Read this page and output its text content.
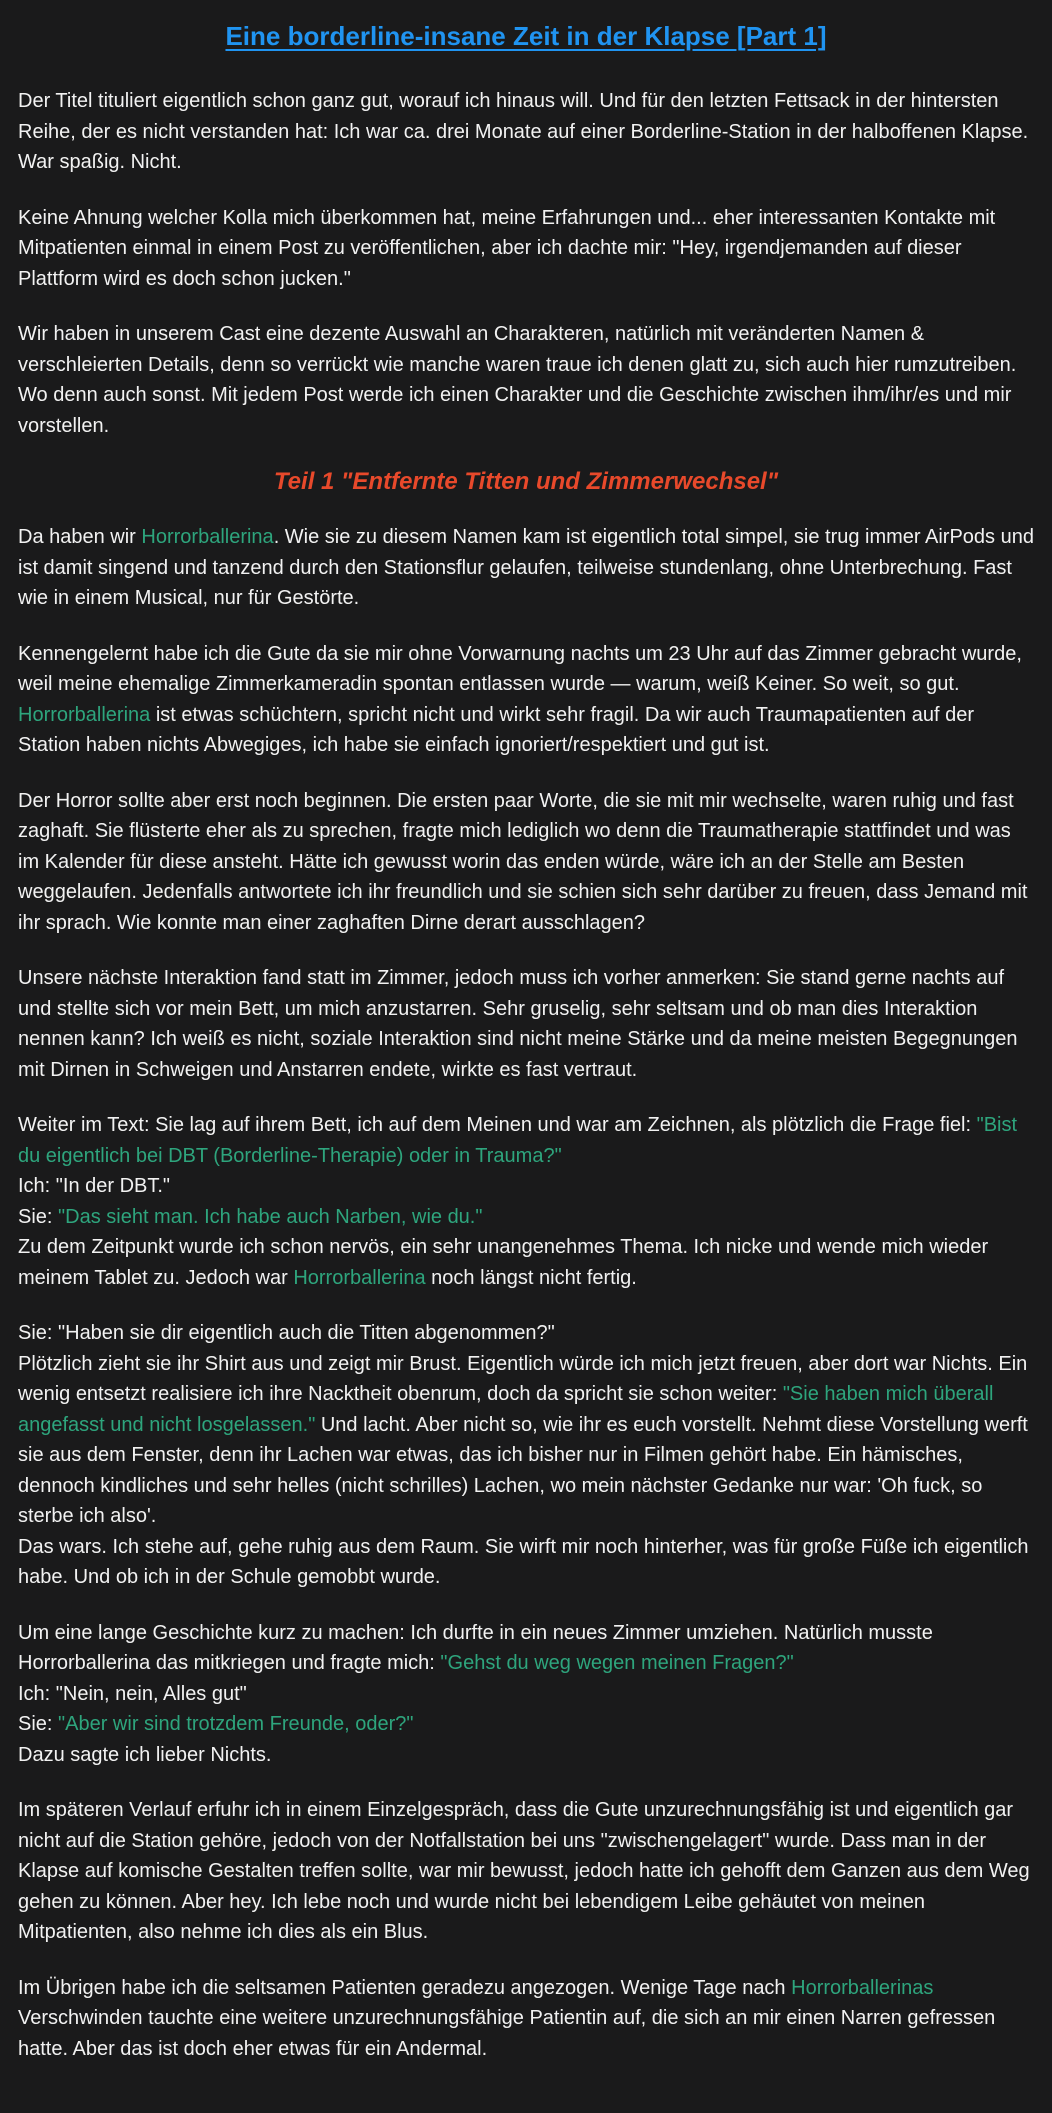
Eine borderline-insane Zeit in der Klapse [Part 1]

Der Titel tituliert eigentlich schon ganz gut, worauf ich hinaus will. Und für den letzten Fettsack in der hintersten Reihe, der es nicht verstanden hat: Ich war ca. drei Monate auf einer Borderline-Station in der halboffenen Klapse. War spaßig. Nicht.

Keine Ahnung welcher Kolla mich überkommen hat, meine Erfahrungen und... eher interessanten Kontakte mit Mitpatienten einmal in einem Post zu veröffentlichen, aber ich dachte mir: "Hey, irgendjemanden auf dieser Plattform wird es doch schon jucken."

Wir haben in unserem Cast eine dezente Auswahl an Charakteren, natürlich mit veränderten Namen & verschleierten Details, denn so verrückt wie manche waren traue ich denen glatt zu, sich auch hier rumzutreiben. Wo denn auch sonst. Mit jedem Post werde ich einen Charakter und die Geschichte zwischen ihm/ihr/es und mir vorstellen.

Teil 1 "Entfernte Titten und Zimmerwechsel"

Da haben wir Horrorballerina. Wie sie zu diesem Namen kam ist eigentlich total simpel, sie trug immer AirPods und ist damit singend und tanzend durch den Stationsflur gelaufen, teilweise stundenlang, ohne Unterbrechung. Fast wie in einem Musical, nur für Gestörte.

Kennengelernt habe ich die Gute da sie mir ohne Vorwarnung nachts um 23 Uhr auf das Zimmer gebracht wurde, weil meine ehemalige Zimmerkameradin spontan entlassen wurde — warum, weiß Keiner. So weit, so gut. Horrorballerina ist etwas schüchtern, spricht nicht und wirkt sehr fragil. Da wir auch Traumapatienten auf der Station haben nichts Abwegiges, ich habe sie einfach ignoriert/respektiert und gut ist.

Der Horror sollte aber erst noch beginnen. Die ersten paar Worte, die sie mit mir wechselte, waren ruhig und fast zaghaft. Sie flüsterte eher als zu sprechen, fragte mich lediglich wo denn die Traumatherapie stattfindet und was im Kalender für diese ansteht. Hätte ich gewusst worin das enden würde, wäre ich an der Stelle am Besten weggelaufen. Jedenfalls antwortete ich ihr freundlich und sie schien sich sehr darüber zu freuen, dass Jemand mit ihr sprach. Wie konnte man einer zaghaften Dirne derart ausschlagen?

Unsere nächste Interaktion fand statt im Zimmer, jedoch muss ich vorher anmerken: Sie stand gerne nachts auf und stellte sich vor mein Bett, um mich anzustarren. Sehr gruselig, sehr seltsam und ob man dies Interaktion nennen kann? Ich weiß es nicht, soziale Interaktion sind nicht meine Stärke und da meine meisten Begegnungen mit Dirnen in Schweigen und Anstarren endete, wirkte es fast vertraut.

Weiter im Text: Sie lag auf ihrem Bett, ich auf dem Meinen und war am Zeichnen, als plötzlich die Frage fiel: "Bist du eigentlich bei DBT (Borderline-Therapie) oder in Trauma?"
Ich: "In der DBT."
Sie: "Das sieht man. Ich habe auch Narben, wie du."
Zu dem Zeitpunkt wurde ich schon nervös, ein sehr unangenehmes Thema. Ich nicke und wende mich wieder meinem Tablet zu. Jedoch war Horrorballerina noch längst nicht fertig.

Sie: "Haben sie dir eigentlich auch die Titten abgenommen?"
Plötzlich zieht sie ihr Shirt aus und zeigt mir Brust. Eigentlich würde ich mich jetzt freuen, aber dort war Nichts. Ein wenig entsetzt realisiere ich ihre Nacktheit obenrum, doch da spricht sie schon weiter: "Sie haben mich überall angefasst und nicht losgelassen." Und lacht. Aber nicht so, wie ihr es euch vorstellt. Nehmt diese Vorstellung werft sie aus dem Fenster, denn ihr Lachen war etwas, das ich bisher nur in Filmen gehört habe. Ein hämisches, dennoch kindliches und sehr helles (nicht schrilles) Lachen, wo mein nächster Gedanke nur war: 'Oh fuck, so sterbe ich also'.
Das wars. Ich stehe auf, gehe ruhig aus dem Raum. Sie wirft mir noch hinterher, was für große Füße ich eigentlich habe. Und ob ich in der Schule gemobbt wurde.

Um eine lange Geschichte kurz zu machen: Ich durfte in ein neues Zimmer umziehen. Natürlich musste Horrorballerina das mitkriegen und fragte mich: "Gehst du weg wegen meinen Fragen?"
Ich: "Nein, nein, Alles gut"
Sie: "Aber wir sind trotzdem Freunde, oder?"
Dazu sagte ich lieber Nichts.

Im späteren Verlauf erfuhr ich in einem Einzelgespräch, dass die Gute unzurechnungsfähig ist und eigentlich gar nicht auf die Station gehöre, jedoch von der Notfallstation bei uns "zwischengelagert" wurde. Dass man in der Klapse auf komische Gestalten treffen sollte, war mir bewusst, jedoch hatte ich gehofft dem Ganzen aus dem Weg gehen zu können. Aber hey. Ich lebe noch und wurde nicht bei lebendigem Leibe gehäutet von meinen Mitpatienten, also nehme ich dies als ein Blus.

Im Übrigen habe ich die seltsamen Patienten geradezu angezogen. Wenige Tage nach Horrorballerinas Verschwinden tauchte eine weitere unzurechnungsfähige Patientin auf, die sich an mir einen Narren gefressen hatte. Aber das ist doch eher etwas für ein Andermal.
